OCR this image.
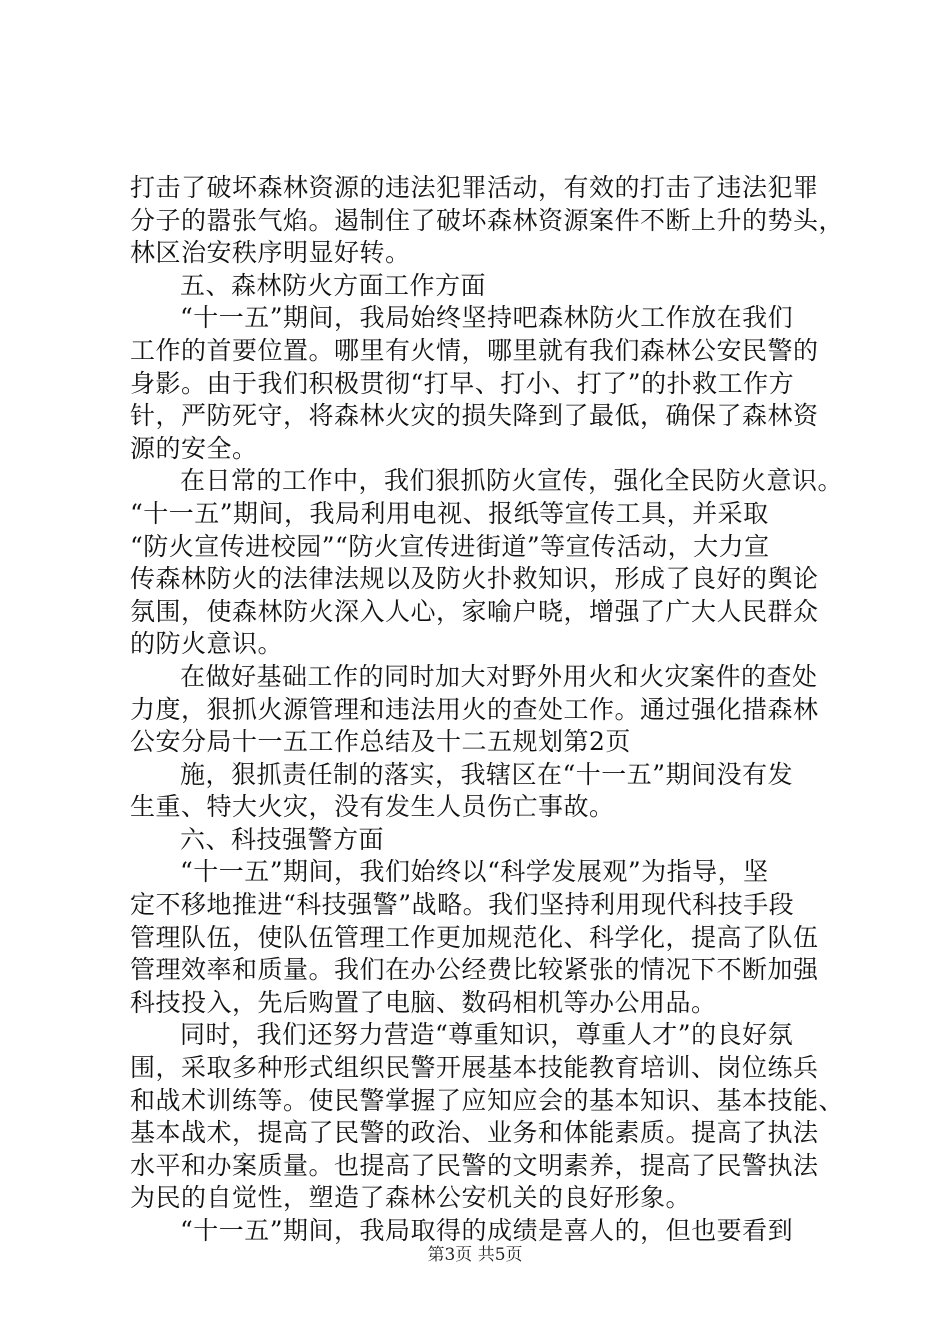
打击了破坏森林资源的违法犯罪活动，有效的打击了违法犯罪
分子的嚣张气焰。遏制住了破坏森林资源案件不断上升的势头，
林区治安秩序明显好转。
五、森林防火方面工作方面
“十一五”期间，我局始终坚持吧森林防火工作放在我们
工作的首要位置。哪里有火情，哪里就有我们森林公安民警的
身影。由于我们积极贯彻“打早、打小、打了”的扑救工作方
针，严防死守，将森林火灾的损失降到了最低，确保了森林资
源的安全。
在日常的工作中，我们狠抓防火宣传，强化全民防火意识。
“十一五”期间，我局利用电视、报纸等宣传工具，并采取
“防火宣传进校园”“防火宣传进街道”等宣传活动，大力宣
传森林防火的法律法规以及防火扑救知识，形成了良好的舆论
氛围，使森林防火深入人心，家喻户晓，增强了广大人民群众
的防火意识。
在做好基础工作的同时加大对野外用火和火灾案件的查处
力度，狠抓火源管理和违法用火的查处工作。通过强化措森林
公安分局十一五工作总结及十二五规划第2页
施，狠抓责任制的落实，我辖区在“十一五”期间没有发
生重、特大火灾，没有发生人员伤亡事故。
六、科技强警方面
“十一五”期间，我们始终以“科学发展观”为指导，坚
定不移地推进“科技强警”战略。我们坚持利用现代科技手段
管理队伍，使队伍管理工作更加规范化、科学化，提高了队伍
管理效率和质量。我们在办公经费比较紧张的情况下不断加强
科技投入，先后购置了电脑、数码相机等办公用品。
同时，我们还努力营造“尊重知识，尊重人才”的良好氛
围，采取多种形式组织民警开展基本技能教育培训、岗位练兵
和战术训练等。使民警掌握了应知应会的基本知识、基本技能、
基本战术，提高了民警的政治、业务和体能素质。提高了执法
水平和办案质量。也提高了民警的文明素养，提高了民警执法
为民的自觉性，塑造了森林公安机关的良好形象。
“十一五”期间，我局取得的成绩是喜人的，但也要看到
第3页 共5页
